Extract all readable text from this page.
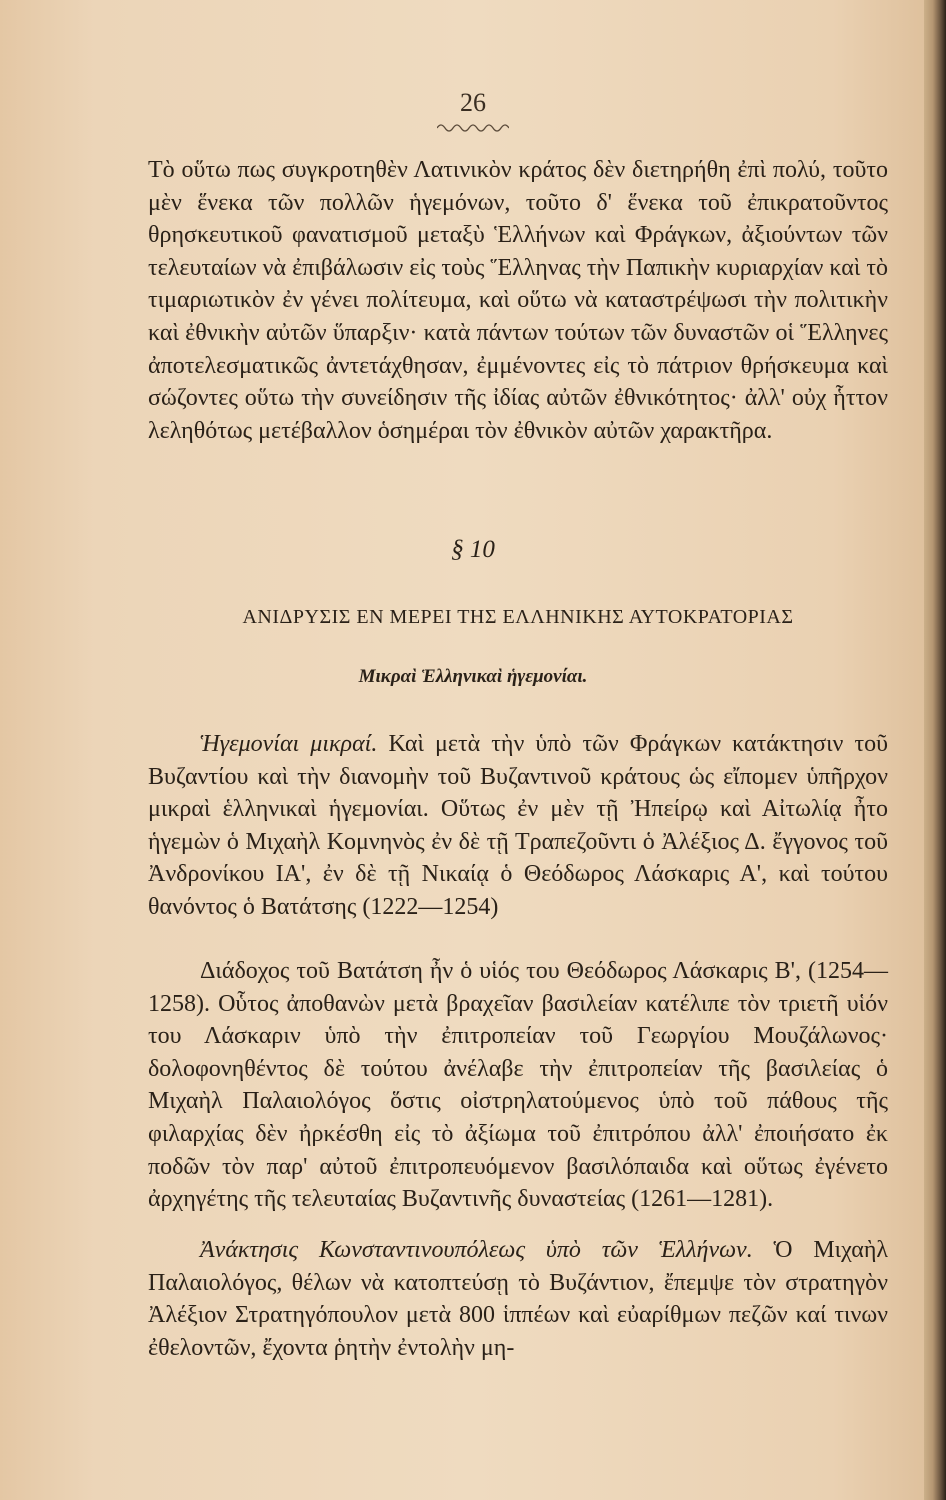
26

Τὸ οὕτω πως συγκροτηθὲν Λατινικὸν κράτος δὲν διετηρήθη ἐπὶ πολύ, τοῦτο μὲν ἕνεκα τῶν πολλῶν ἡγεμόνων, τοῦτο δ' ἕνεκα τοῦ ἐπικρατοῦντος θρησκευτικοῦ φανατισμοῦ μεταξὺ Ἑλλήνων καὶ Φράγκων, ἀξιούντων τῶν τελευταίων νὰ ἐπιβάλωσιν εἰς τοὺς Ἕλληνας τὴν Παπικὴν κυριαρχίαν καὶ τὸ τιμαριωτικὸν ἐν γένει πολίτευμα, καὶ οὕτω νὰ καταστρέψωσι τὴν πολιτικὴν καὶ ἐθνικὴν αὐτῶν ὕπαρξιν· κατὰ πάντων τούτων τῶν δυναστῶν οἱ Ἕλληνες ἀποτελεσματικῶς ἀντετάχθησαν, ἐμμένοντες εἰς τὸ πάτριον θρήσκευμα καὶ σώζοντες οὕτω τὴν συνείδησιν τῆς ἰδίας αὐτῶν ἐθνικότητος· ἀλλ' οὐχ ἧττον λεληθότως μετέβαλλον ὁσημέραι τὸν ἐθνικὸν αὐτῶν χαρακτῆρα.

§ 10
ΑΝΙΔΡΥΣΙΣ ΕΝ ΜΕΡΕΙ ΤΗΣ ΕΛΛΗΝΙΚΗΣ ΑΥΤΟΚΡΑΤΟΡΙΑΣ
Μικραὶ Ἑλληνικαὶ ἡγεμονίαι.

Ἡγεμονίαι μικραί. Καὶ μετὰ τὴν ὑπὸ τῶν Φράγκων κατάκτησιν τοῦ Βυζαντίου καὶ τὴν διανομὴν τοῦ Βυζαντινοῦ κράτους ὡς εἴπομεν ὑπῆρχον μικραὶ ἑλληνικαὶ ἡγεμονίαι. Οὕτως ἐν μὲν τῇ Ἠπείρῳ καὶ Αἰτωλίᾳ ἦτο ἡγεμὼν ὁ Μιχαὴλ Κομνηνὸς ἐν δὲ τῇ Τραπεζοῦντι ὁ Ἀλέξιος Δ. ἔγγονος τοῦ Ἀνδρονίκου ΙΑ', ἐν δὲ τῇ Νικαίᾳ ὁ Θεόδωρος Λάσκαρις Α', καὶ τούτου θανόντος ὁ Βατάτσης (1222—1254)

Διάδοχος τοῦ Βατάτση ἦν ὁ υἱός του Θεόδωρος Λάσκαρις Β', (1254—1258). Οὗτος ἀποθανὼν μετὰ βραχεῖαν βασιλείαν κατέλιπε τὸν τριετῆ υἱόν του Λάσκαριν ὑπὸ τὴν ἐπιτροπείαν τοῦ Γεωργίου Μουζάλωνος· δολοφονηθέντος δὲ τούτου ἀνέλαβε τὴν ἐπιτροπείαν τῆς βασιλείας ὁ Μιχαὴλ Παλαιολόγος ὅστις οἰστρηλατούμενος ὑπὸ τοῦ πάθους τῆς φιλαρχίας δὲν ἠρκέσθη εἰς τὸ ἀξίωμα τοῦ ἐπιτρόπου ἀλλ' ἐποιήσατο ἐκ ποδῶν τὸν παρ' αὐτοῦ ἐπιτροπευόμενον βασιλόπαιδα καὶ οὕτως ἐγένετο ἀρχηγέτης τῆς τελευταίας Βυζαντινῆς δυναστείας (1261—1281).

Ἀνάκτησις Κωνσταντινουπόλεως ὑπὸ τῶν Ἑλλήνων. Ὁ Μιχαὴλ Παλαιολόγος, θέλων νὰ κατοπτεύσῃ τὸ Βυζάντιον, ἔπεμψε τὸν στρατηγὸν Ἀλέξιον Στρατηγόπουλον μετὰ 800 ἱππέων καὶ εὐαρίθμων πεζῶν καί τινων ἐθελοντῶν, ἔχοντα ῥητὴν ἐντολὴν μη-
